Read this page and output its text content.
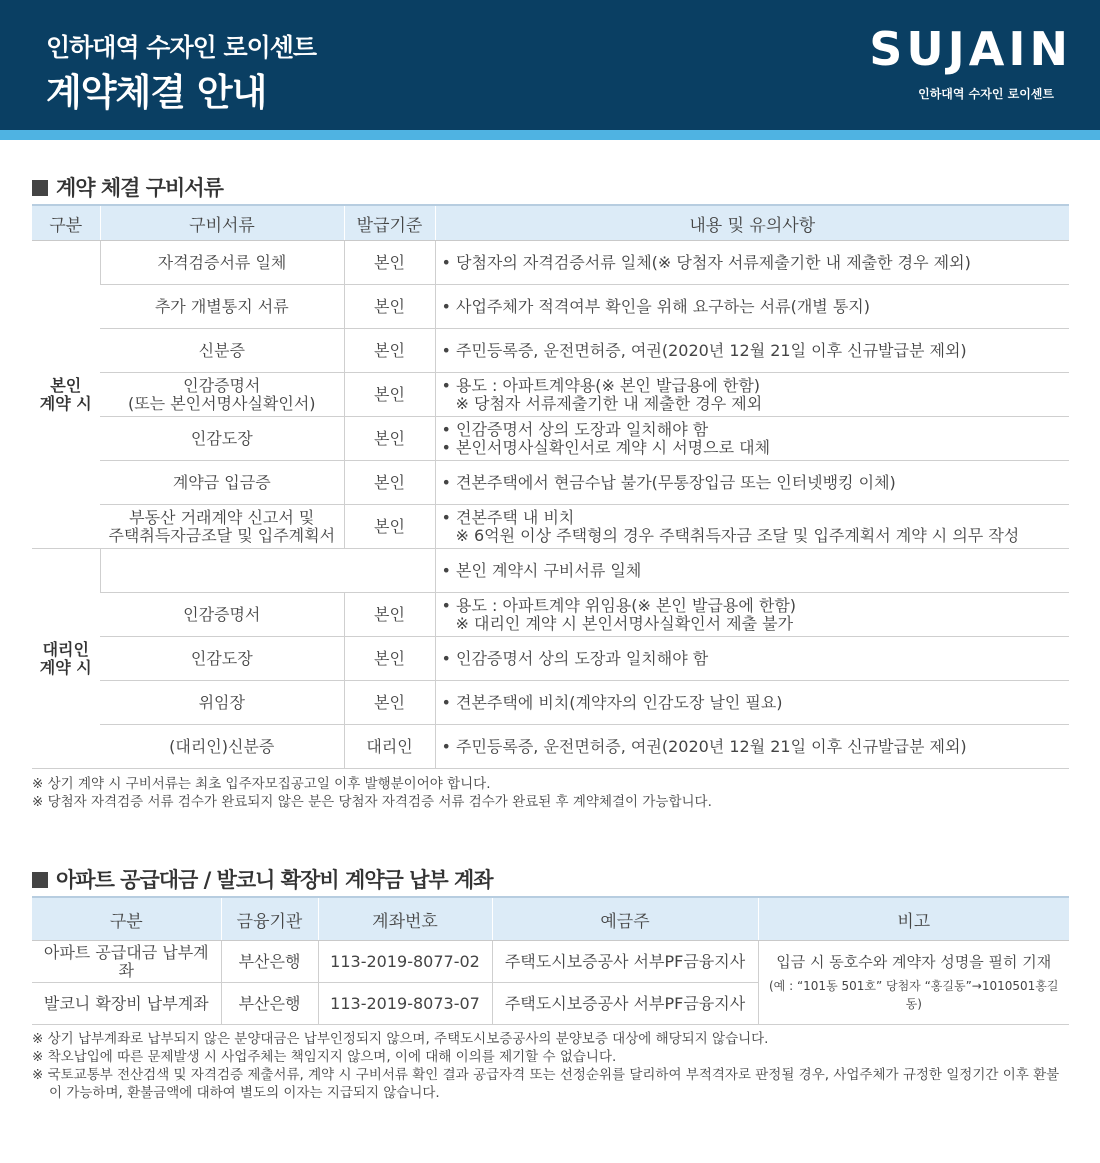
인하대역 수자인 로이센트
계약체결 안내
SUJAIN
인하대역 수자인 로이센트
계약 체결 구비서류
구분	구비서류	발급기준	내용 및 유의사항
본인
계약 시	자격검증서류 일체	본인	• 당첨자의 자격검증서류 일체(※ 당첨자 서류제출기한 내 제출한 경우 제외)

	추가 개별통지 서류	본인	• 사업주체가 적격여부 확인을 위해 요구하는 서류(개별 통지)

	신분증	본인	• 주민등록증, 운전면허증, 여권(2020년 12월 21일 이후 신규발급분 제외)

	인감증명서
(또는 본인서명사실확인서)	본인	• 용도 : 아파트계약용(※ 본인 발급용에 한함)
※ 당첨자 서류제출기한 내 제출한 경우 제외

	인감도장	본인	• 인감증명서 상의 도장과 일치해야 함
• 본인서명사실확인서로 계약 시 서명으로 대체

	계약금 입금증	본인	• 견본주택에서 현금수납 불가(무통장입금 또는 인터넷뱅킹 이체)

	부동산 거래계약 신고서 및
주택취득자금조달 및 입주계획서	본인	• 견본주택 내 비치
※ 6억원 이상 주택형의 경우 주택취득자금 조달 및 입주계획서 계약 시 의무 작성

대리인
계약 시			• 본인 계약시 구비서류 일체
	인감증명서	본인	• 용도 : 아파트계약 위임용(※ 본인 발급용에 한함)
※ 대리인 계약 시 본인서명사실확인서 제출 불가

	인감도장	본인	• 인감증명서 상의 도장과 일치해야 함

	위임장	본인	• 견본주택에 비치(계약자의 인감도장 날인 필요)

	(대리인)신분증	대리인	• 주민등록증, 운전면허증, 여권(2020년 12월 21일 이후 신규발급분 제외)
※ 상기 계약 시 구비서류는 최초 입주자모집공고일 이후 발행분이어야 합니다.
※ 당첨자 자격검증 서류 검수가 완료되지 않은 분은 당첨자 자격검증 서류 검수가 완료된 후 계약체결이 가능합니다.
아파트 공급대금 / 발코니 확장비 계약금 납부 계좌
구분	금융기관	계좌번호	예금주	비고
아파트 공급대금 납부계좌	부산은행	113-2019-8077-02	주택도시보증공사 서부PF금융지사	입금 시 동호수와 계약자 성명을 필히 기재
(예 : “101동 501호” 당첨자 “홍길동”→1010501홍길동)

발코니 확장비 납부계좌	부산은행	113-2019-8073-07	주택도시보증공사 서부PF금융지사	
※ 상기 납부계좌로 납부되지 않은 분양대금은 납부인정되지 않으며, 주택도시보증공사의 분양보증 대상에 해당되지 않습니다.
※ 착오납입에 따른 문제발생 시 사업주체는 책임지지 않으며, 이에 대해 이의를 제기할 수 없습니다.
※ 국토교통부 전산검색 및 자격검증 제출서류, 계약 시 구비서류 확인 결과 공급자격 또는 선정순위를 달리하여 부적격자로 판정될 경우, 사업주체가 규정한 일정기간 이후 환불이 가능하며, 환불금액에 대하여 별도의 이자는 지급되지 않습니다.
